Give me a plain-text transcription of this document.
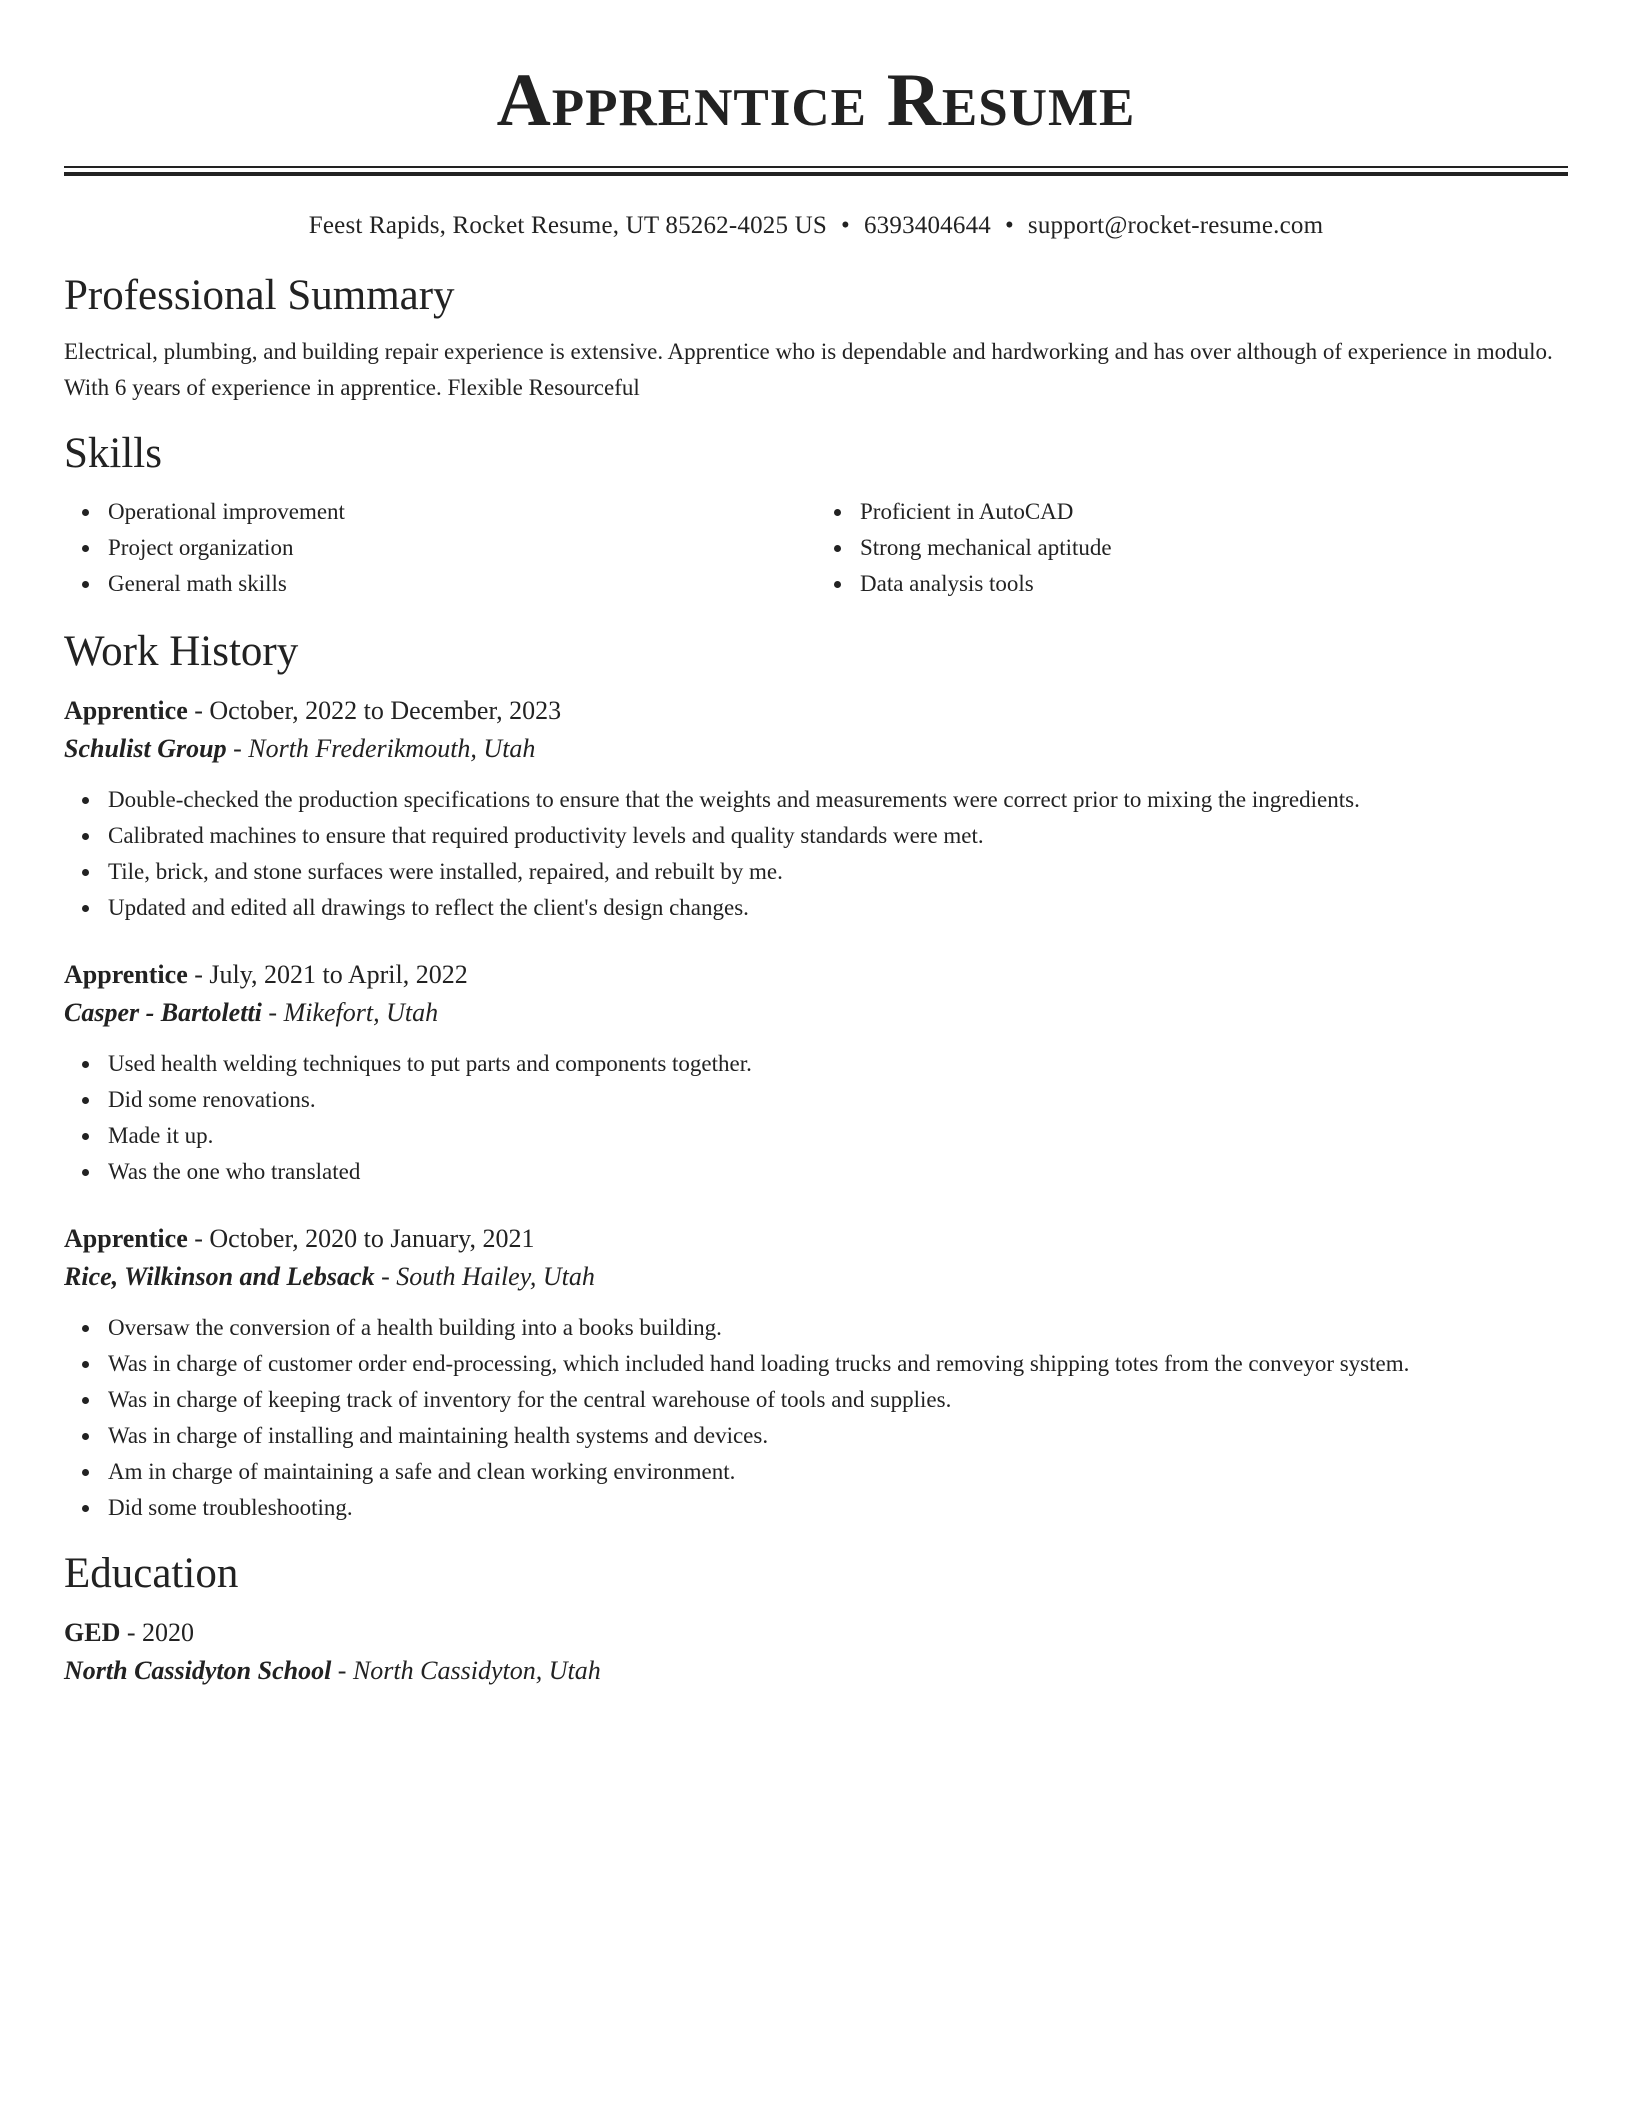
Apprentice Resume
Feest Rapids, Rocket Resume, UT 85262-4025 US • 6393404644 • support@rocket-resume.com
Professional Summary

Electrical, plumbing, and building repair experience is extensive. Apprentice who is dependable and hardworking and has over although of experience in modulo. With 6 years of experience in apprentice. Flexible Resourceful

Skills
Operational improvement
Project organization
General math skills
Proficient in AutoCAD
Strong mechanical aptitude
Data analysis tools
Work History
Apprentice - October, 2022 to December, 2023
Schulist Group - North Frederikmouth, Utah
Double-checked the production specifications to ensure that the weights and measurements were correct prior to mixing the ingredients.
Calibrated machines to ensure that required productivity levels and quality standards were met.
Tile, brick, and stone surfaces were installed, repaired, and rebuilt by me.
Updated and edited all drawings to reflect the client's design changes.
Apprentice - July, 2021 to April, 2022
Casper - Bartoletti - Mikefort, Utah
Used health welding techniques to put parts and components together.
Did some renovations.
Made it up.
Was the one who translated
Apprentice - October, 2020 to January, 2021
Rice, Wilkinson and Lebsack - South Hailey, Utah
Oversaw the conversion of a health building into a books building.
Was in charge of customer order end-processing, which included hand loading trucks and removing shipping totes from the conveyor system.
Was in charge of keeping track of inventory for the central warehouse of tools and supplies.
Was in charge of installing and maintaining health systems and devices.
Am in charge of maintaining a safe and clean working environment.
Did some troubleshooting.
Education
GED - 2020
North Cassidyton School - North Cassidyton, Utah
